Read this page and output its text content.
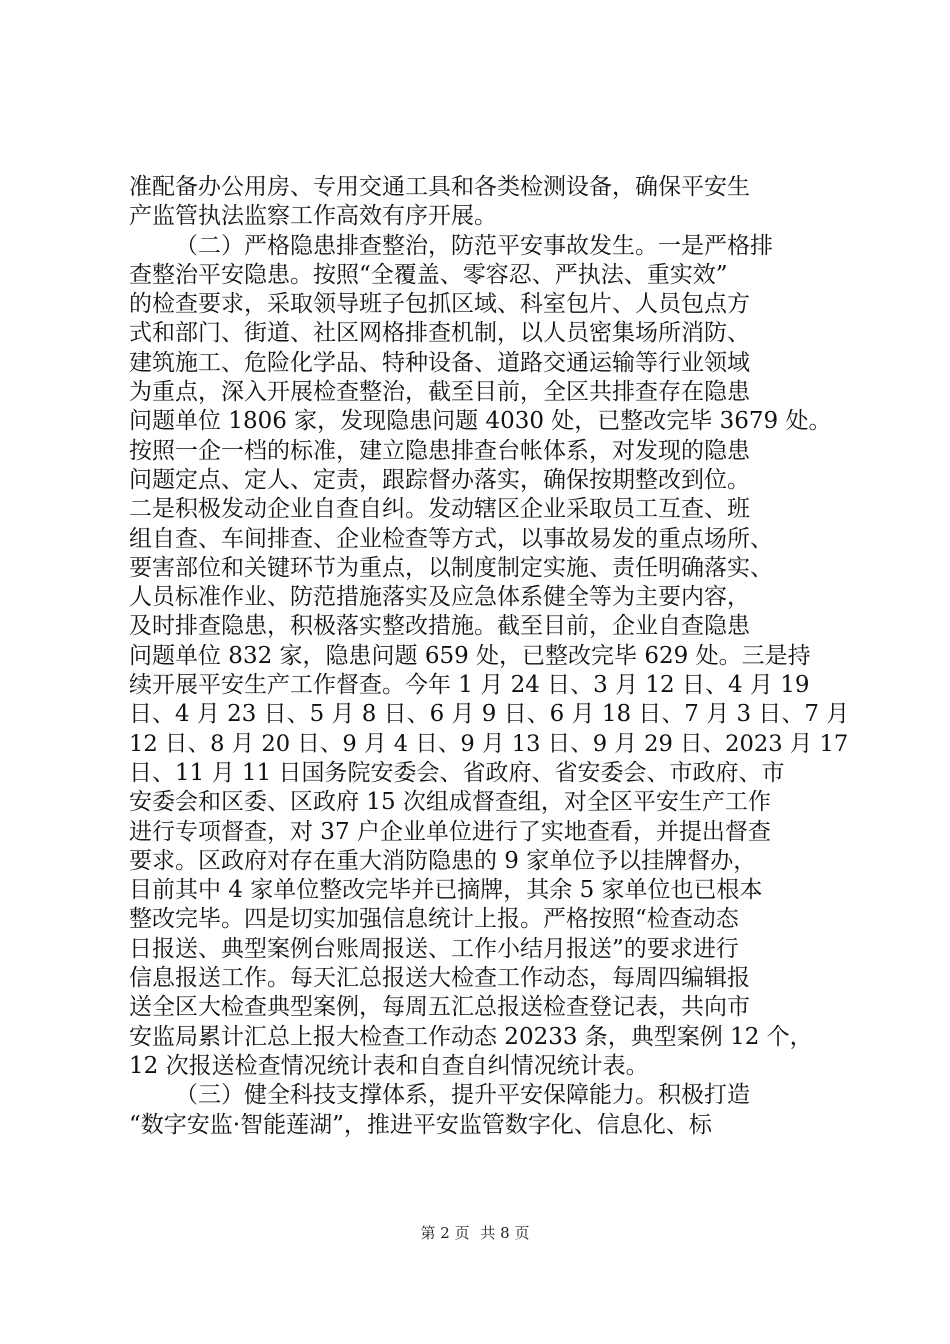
准配备办公用房、专用交通工具和各类检测设备，确保平安生
产监管执法监察工作高效有序开展。
（二）严格隐患排查整治，防范平安事故发生。一是严格排
查整治平安隐患。按照“全覆盖、零容忍、严执法、重实效”
的检查要求，采取领导班子包抓区域、科室包片、人员包点方
式和部门、街道、社区网格排查机制，以人员密集场所消防、
建筑施工、危险化学品、特种设备、道路交通运输等行业领域
为重点，深入开展检查整治，截至目前，全区共排查存在隐患
问题单位 1806 家，发现隐患问题 4030 处，已整改完毕 3679 处。
按照一企一档的标准，建立隐患排查台帐体系，对发现的隐患
问题定点、定人、定责，跟踪督办落实，确保按期整改到位。
二是积极发动企业自查自纠。发动辖区企业采取员工互查、班
组自查、车间排查、企业检查等方式，以事故易发的重点场所、
要害部位和关键环节为重点，以制度制定实施、责任明确落实、
人员标准作业、防范措施落实及应急体系健全等为主要内容，
及时排查隐患，积极落实整改措施。截至目前，企业自查隐患
问题单位 832 家，隐患问题 659 处，已整改完毕 629 处。三是持
续开展平安生产工作督查。今年 1 月 24 日、3 月 12 日、4 月 19
日、4 月 23 日、5 月 8 日、6 月 9 日、6 月 18 日、7 月 3 日、7 月
12 日、8 月 20 日、9 月 4 日、9 月 13 日、9 月 29 日、2023 月 17
日、11 月 11 日国务院安委会、省政府、省安委会、市政府、市
安委会和区委、区政府 15 次组成督查组，对全区平安生产工作
进行专项督查，对 37 户企业单位进行了实地查看，并提出督查
要求。区政府对存在重大消防隐患的 9 家单位予以挂牌督办，
目前其中 4 家单位整改完毕并已摘牌，其余 5 家单位也已根本
整改完毕。四是切实加强信息统计上报。严格按照“检查动态
日报送、典型案例台账周报送、工作小结月报送”的要求进行
信息报送工作。每天汇总报送大检查工作动态，每周四编辑报
送全区大检查典型案例，每周五汇总报送检查登记表，共向市
安监局累计汇总上报大检查工作动态 20233 条，典型案例 12 个，
12 次报送检查情况统计表和自查自纠情况统计表。
（三）健全科技支撑体系，提升平安保障能力。积极打造
“数字安监·智能莲湖”，推进平安监管数字化、信息化、标
第 2 页 共 8 页
